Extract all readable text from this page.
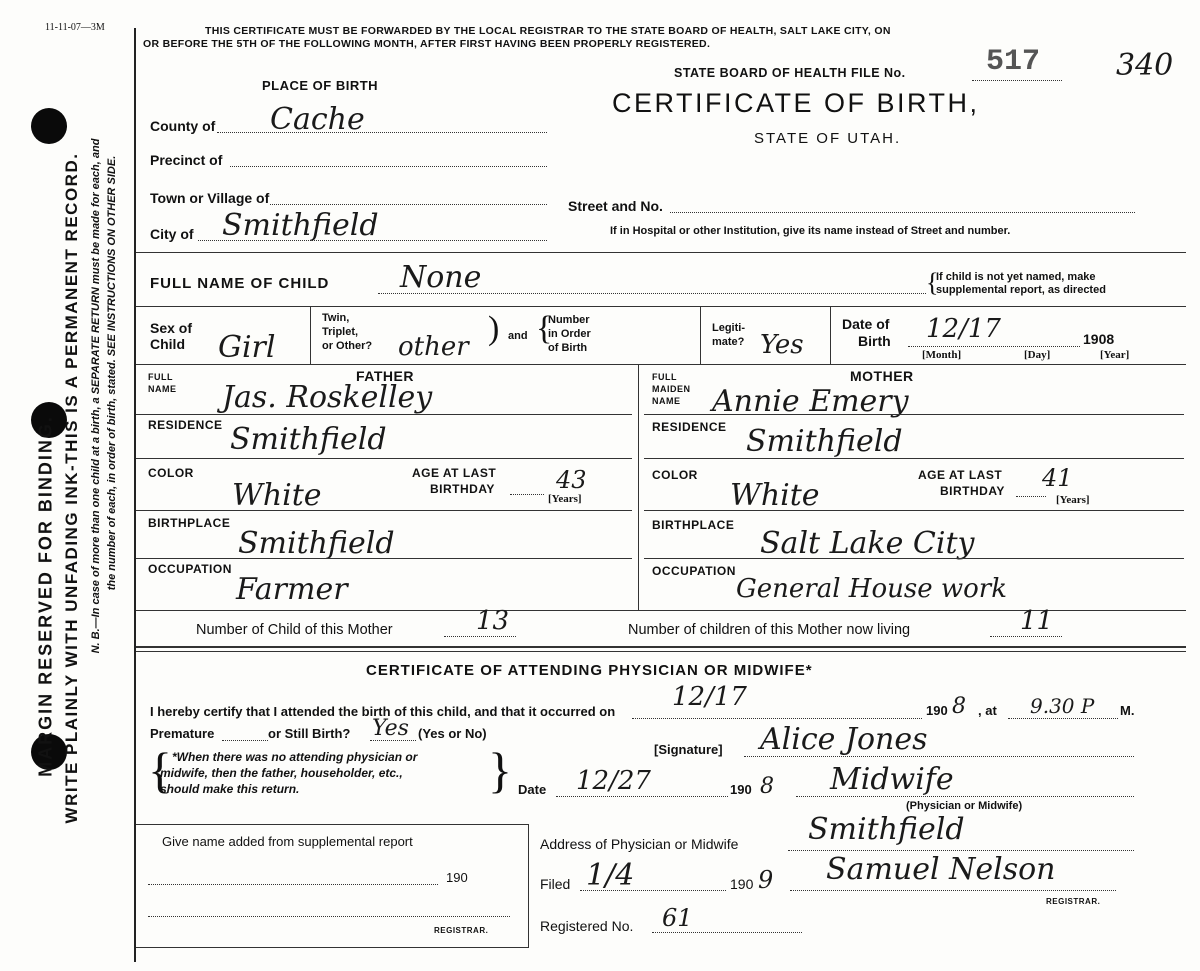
MARGIN RESERVED FOR BINDING. WRITE PLAINLY WITH UNFADING INK-THIS IS A PERMANENT RECORD. N. B.—In case of more than one child at a birth, a SEPARATE RETURN must be made for each, and the number of each, in order of birth, stated. SEE INSTRUCTIONS ON OTHER SIDE.
11-11-07—3M	THIS CERTIFICATE MUST BE FORWARDED BY THE LOCAL REGISTRAR TO THE STATE BOARD OF HEALTH, SALT LAKE CITY, ON
OR BEFORE THE 5TH OF THE FOLLOWING MONTH, AFTER FIRST HAVING BEEN PROPERLY REGISTERED.
STATE BOARD OF HEALTH FILE No.	517	340
CERTIFICATE OF BIRTH,
STATE OF UTAH.
PLACE OF BIRTH
County of Cache
Precinct of
Town or Village of
City of Smithfield
Street and No.
If in Hospital or other Institution, give its name instead of Street and number.
FULL NAME OF CHILD None	If child is not yet named, make
supplemental report, as directed
{
Sex of
Child Girl
Twin,
Triplet,
or Other? other ) and {
Number
in Order
of Birth
Legiti-
mate? Yes
Date of
Birth 12/17	1908
[Month]	[Day]	[Year]
FATHER
FULL
NAME Jas. Roskelley
RESIDENCE Smithfield
COLOR
White
AGE AT LAST
BIRTHDAY	43
[Years]
BIRTHPLACE
Smithfield
OCCUPATION
Farmer
MOTHER
FULL
MAIDEN
NAME Annie Emery
RESIDENCE Smithfield
COLOR
White
AGE AT LAST
BIRTHDAY 41
[Years]
BIRTHPLACE
Salt Lake City
OCCUPATION
General House work
Number of Child of this Mother	13	Number of children of this Mother now living	11
CERTIFICATE OF ATTENDING PHYSICIAN OR MIDWIFE*
I hereby certify that I attended the birth of this child, and that it occurred on 12/17	190 8 , at 9.30 P M.
Premature	or Still Birth? Yes (Yes or No)
{ *When there was no attending physician or
midwife, then the father, householder, etc.,
should make this return.	}	[Signature] Alice Jones
Date 12/27	190 8 Midwife
(Physician or Midwife)
Give name added from supplemental report
190
REGISTRAR.
Address of Physician or Midwife Smithfield
Filed 1/4	190 9 Samuel Nelson
REGISTRAR.
Registered No. 61
